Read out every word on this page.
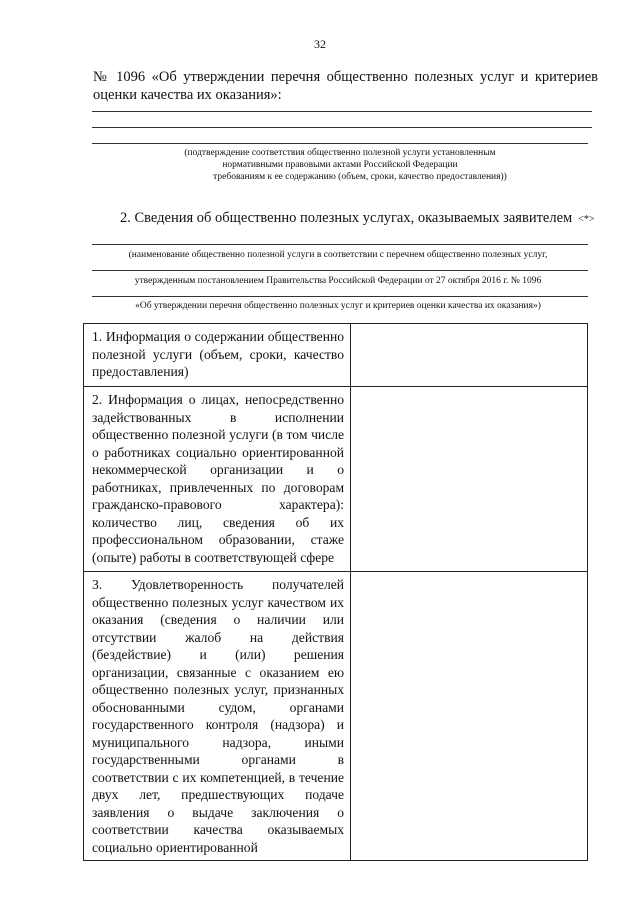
32
№ 1096 «Об утверждении перечня общественно полезных услуг и критериев
оценки качества их оказания»:
(подтверждение соответствия общественно полезной услуги установленным
нормативными правовыми актами Российской Федерации
требованиям к ее содержанию (объем, сроки, качество предоставления))
2. Сведения об общественно полезных услугах, оказываемых заявителем <*>
(наименование общественно полезной услуги в соответствии с перечнем общественно полезных услуг,
утвержденным постановлением Правительства Российской Федерации от 27 октября 2016 г. № 1096
«Об утверждении перечня общественно полезных услуг и критериев оценки качества их оказания»)
1. Информация о содержании общественно полезной услуги (объем, сроки, качество предоставления)	
2. Информация о лицах, непосредственно задействованных в исполнении общественно полезной услуги (в том числе о работниках социально ориентированной некоммерческой организации и о работниках, привлеченных по договорам гражданско-правового характера): количество лиц, сведения об их профессиональном образовании, стаже (опыте) работы в соответствующей сфере	
3. Удовлетворенность получателей общественно полезных услуг качеством их оказания (сведения о наличии или отсутствии жалоб на действия (бездействие) и (или) решения организации, связанные с оказанием ею общественно полезных услуг, признанных обоснованными судом, органами государственного контроля (надзора) и муниципального надзора, иными государственными органами в соответствии с их компетенцией, в течение двух лет, предшествующих подаче заявления о выдаче заключения о соответствии качества оказываемых социально ориентированной	
